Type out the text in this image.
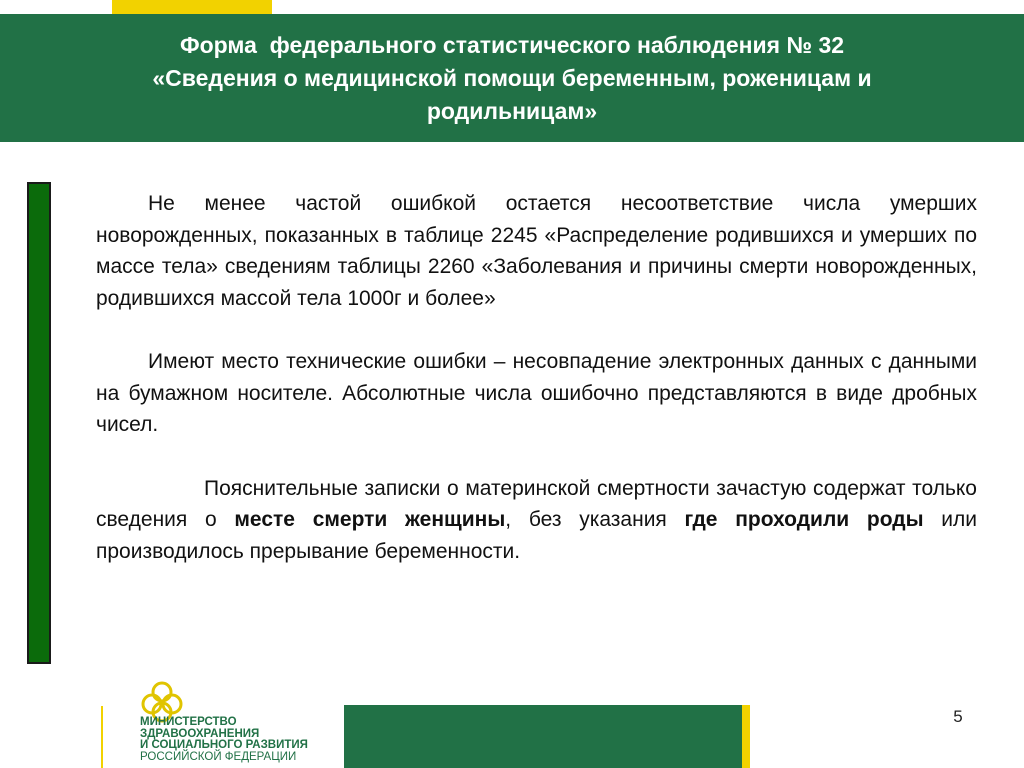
Форма  федерального статистического наблюдения № 32
«Сведения о медицинской помощи беременным, роженицам и
родильницам»

Не менее частой ошибкой остается несоответствие числа умерших новорожденных, показанных в таблице 2245 «Распределение родившихся и умерших по массе тела» сведениям таблицы 2260 «Заболевания и причины смерти новорожденных, родившихся массой тела 1000г и более»

Имеют место технические ошибки – несовпадение электронных данных с данными на бумажном носителе. Абсолютные числа ошибочно представляются в виде дробных чисел.

Пояснительные записки о материнской смертности зачастую содержат только сведения о месте смерти женщины, без указания где проходили роды или производилось прерывание беременности.

МИНИСТЕРСТВО
ЗДРАВООХРАНЕНИЯ
И СОЦИАЛЬНОГО РАЗВИТИЯ
РОССИЙСКОЙ ФЕДЕРАЦИИ
5
